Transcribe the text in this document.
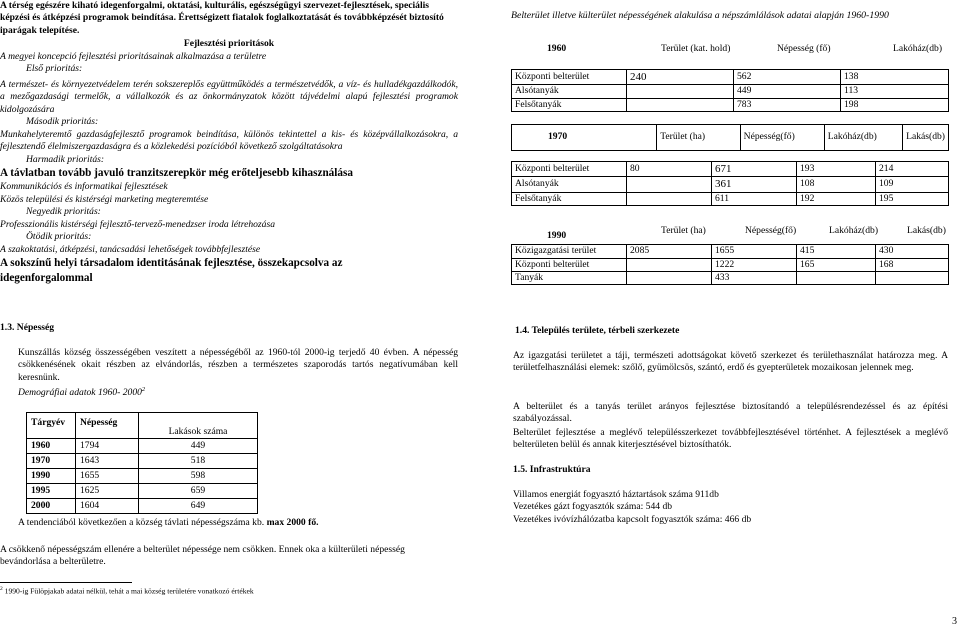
A térség egészére kiható idegenforgalmi, oktatási, kulturális, egészségügyi szervezet-fejlesztések, speciális képzési és átképzési programok beindítása. Érettségizett fiatalok foglalkoztatását és továbbképzését biztosító iparágak telepítése.

Fejlesztési prioritások

A megyei koncepció fejlesztési prioritásainak alkalmazása a területre

Első prioritás:

A természet- és környezetvédelem terén sokszereplős együttműködés a természetvédők, a víz- és hulladékgazdálkodók, a mezőgazdasági termelők, a vállalkozók és az önkormányzatok között tájvédelmi alapú fejlesztési programok kidolgozására

Második prioritás:

Munkahelyteremtő gazdaságfejlesztő programok beindítása, különös tekintettel a kis- és középvállalkozásokra, a fejlesztendő élelmiszergazdaságra és a közlekedési pozícióból következő szolgáltatásokra

Harmadik prioritás:

A távlatban tovább javuló tranzitszerepkör még erőteljesebb kihasználása

Kommunikációs és informatikai fejlesztések

Közös települési és kistérségi marketing megteremtése

Negyedik prioritás:

Professzionális kistérségi fejlesztő-tervező-menedzser iroda létrehozása

Ötödik prioritás:

A szakoktatási, átképzési, tanácsadási lehetőségek továbbfejlesztése

A sokszínű helyi társadalom identitásának fejlesztése, összekapcsolva az idegenforgalommal

Belterület illetve külterület népességének alakulása a népszámlálások adatai alapján 1960-1990

1960	Terület (kat. hold)	Népesség (fő)	Lakóház(db)
Központi belterület	240	562	138
Alsótanyák		449	113
Felsőtanyák		783	198
1970	Terület (ha)	Népesség(fő)	Lakóház(db)	Lakás(db)
Központi belterület	80	671	193	214
Alsótanyák		361	108	109
Felsőtanyák		611	192	195
1990	Terület (ha)	Népesség(fő)	Lakóház(db)	Lakás(db)
Közigazgatási terület	2085	1655	415	430
Központi belterület		1222	165	168
Tanyák		433		

1.3. Népesség

Kunszállás község összességében veszített a népességéből az 1960-tól 2000-ig terjedő 40 évben. A népesség csökkenésének okait részben az elvándorlás, részben a természetes szaporodás tartós negatívumában kell keresnünk.

Demográfiai adatok 1960- 2000$^2$

Tárgyév	Népesség	Lakások száma
1960	1794	449
1970	1643	518
1990	1655	598
1995	1625	659
2000	1604	649

A tendenciából következően a község távlati népességszáma kb. max 2000 fő.

A csökkenő népességszám ellenére a belterület népessége nem csökken. Ennek oka a külterületi népesség bevándorlása a belterületre.

$^2$ 1990-ig Fülöpjakab adatai nélkül, tehát a mai község területére vonatkozó értékek

1.4. Település területe, térbeli szerkezete

Az igazgatási területet a táji, természeti adottságokat követő szerkezet és területhasználat határozza meg. A területfelhasználási elemek: szőlő, gyümölcsös, szántó, erdő és gyepterületek mozaikosan jelennek meg.

A belterület és a tanyás terület arányos fejlesztése biztosítandó a településrendezéssel és az építési szabályozással.

Belterület fejlesztése a meglévő településszerkezet továbbfejlesztésével történhet. A fejlesztések a meglévő belterületen belül és annak kiterjesztésével biztosíthatók.

1.5. Infrastruktúra

Villamos energiát fogyasztó háztartások száma 911db

Vezetékes gázt fogyasztók száma: 544 db

Vezetékes ivóvízhálózatba kapcsolt fogyasztók száma: 466 db

3
